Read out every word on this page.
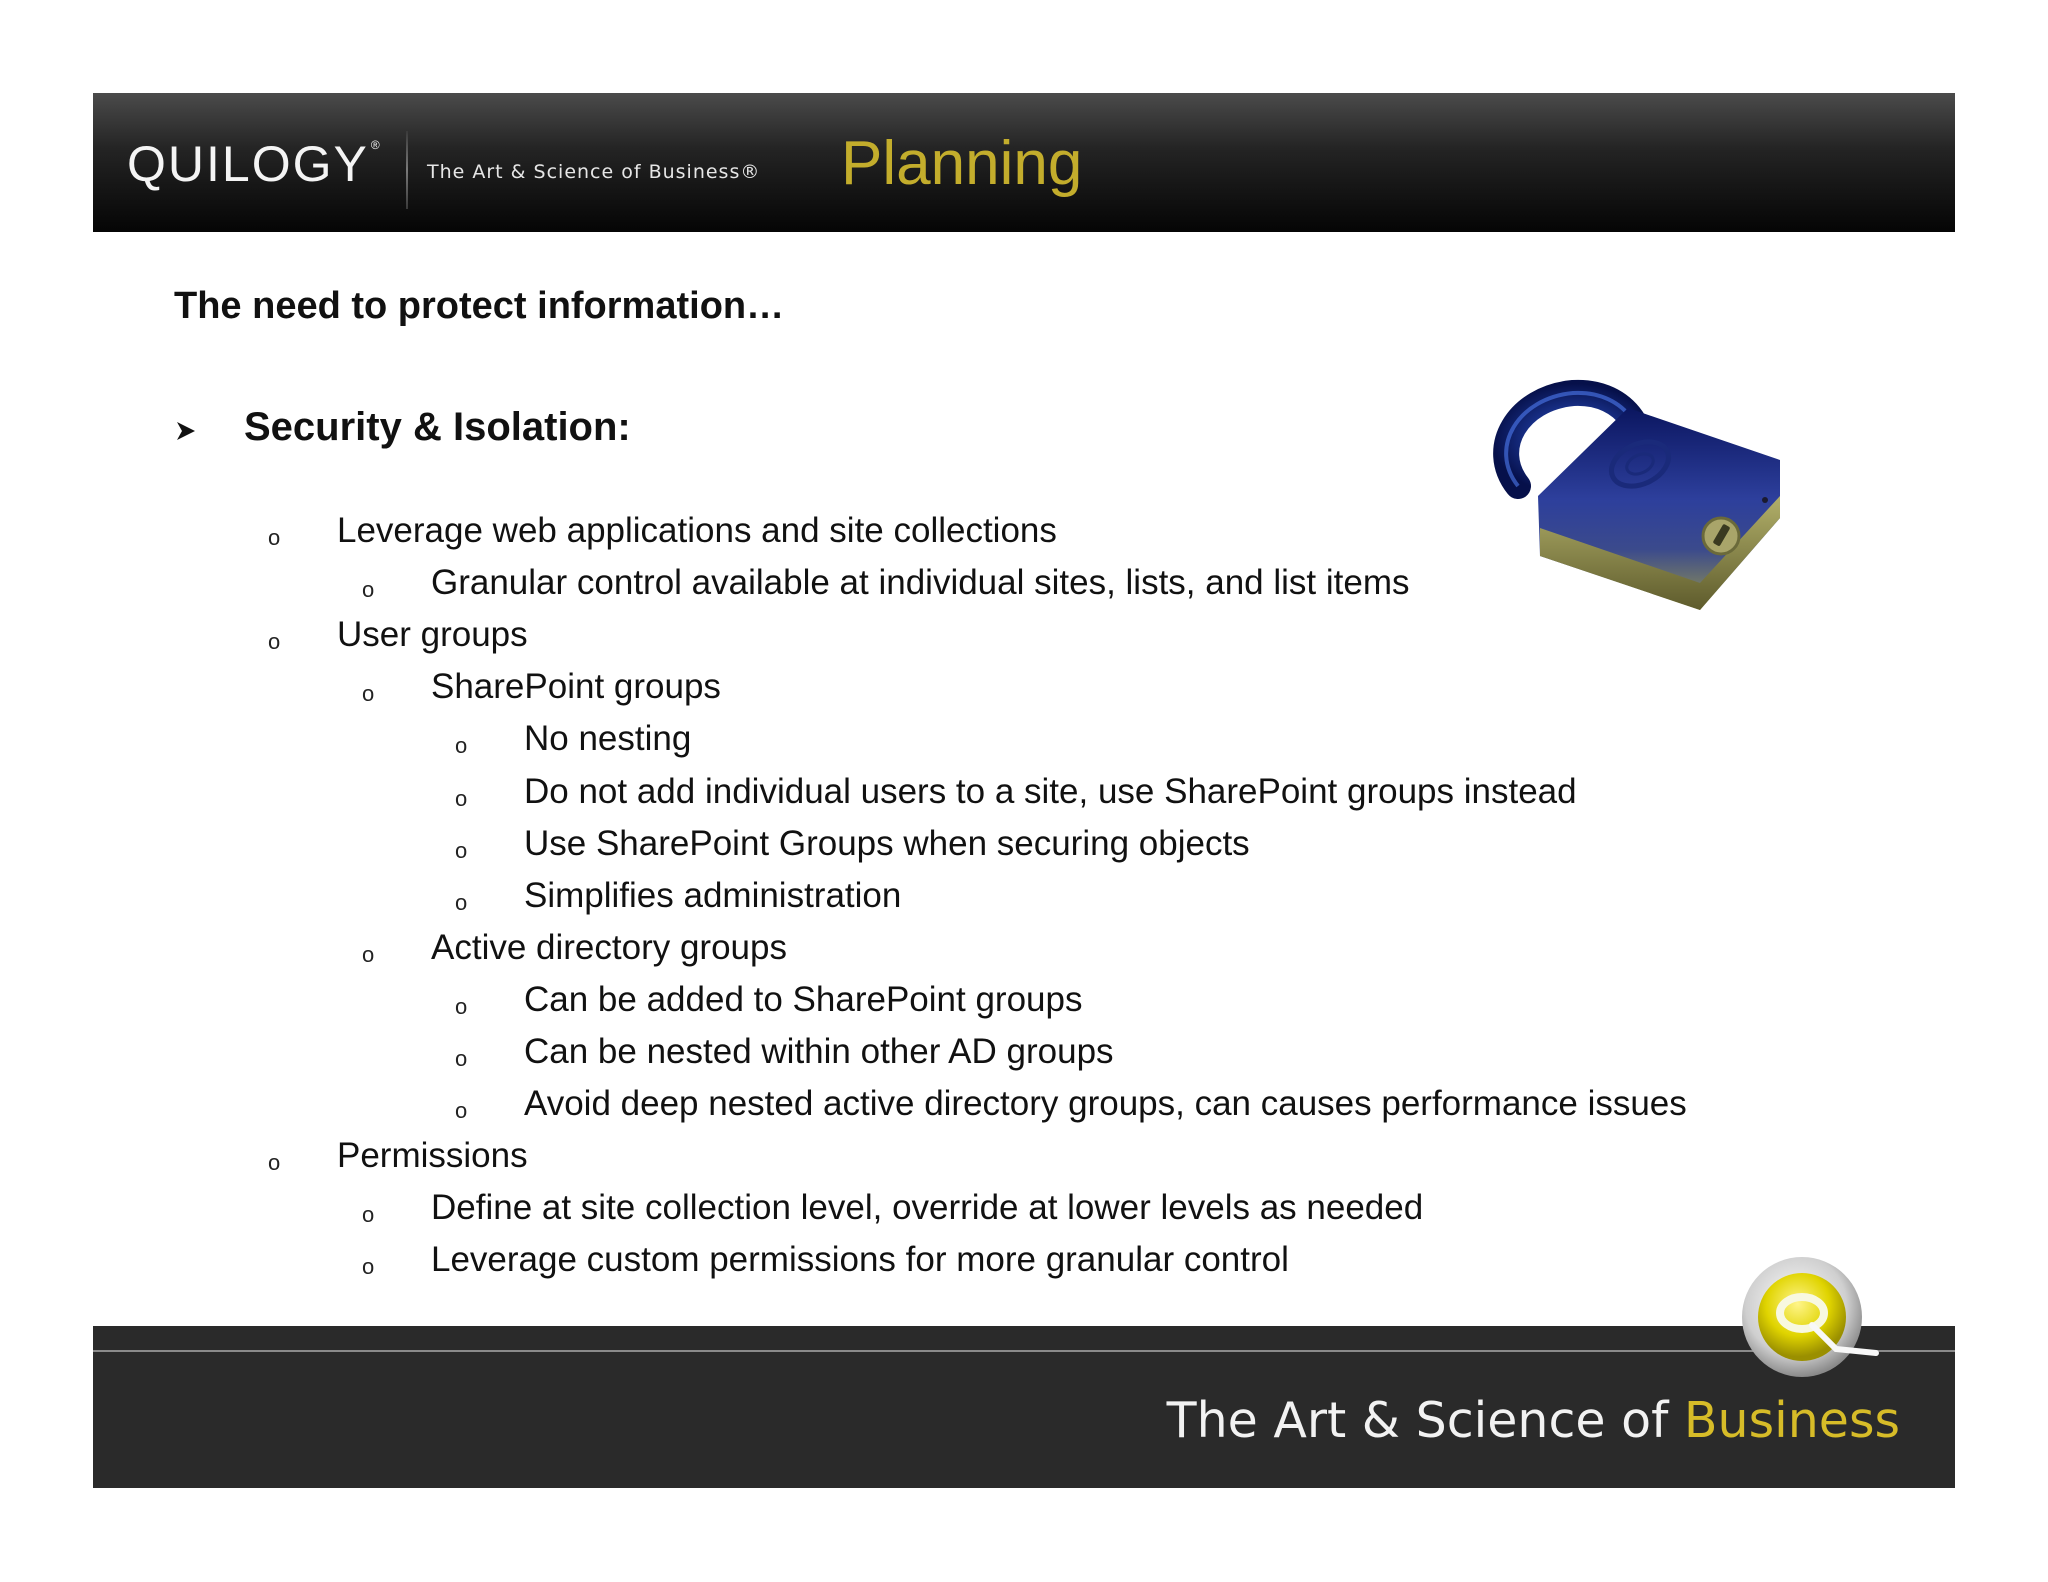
QUILOGY ®
The Art & Science of Business® Planning
The need to protect information…
Security & Isolation:
o Leverage web applications and site collections
o Granular control available at individual sites, lists, and list items
o User groups
o SharePoint groups
o No nesting
o Do not add individual users to a site, use SharePoint groups instead
o Use SharePoint Groups when securing objects
o Simplifies administration
o Active directory groups
o Can be added to SharePoint groups
o Can be nested within other AD groups
o Avoid deep nested active directory groups, can causes performance issues
o Permissions
o Define at site collection level, override at lower levels as needed
o Leverage custom permissions for more granular control
The Art & Science of Business
